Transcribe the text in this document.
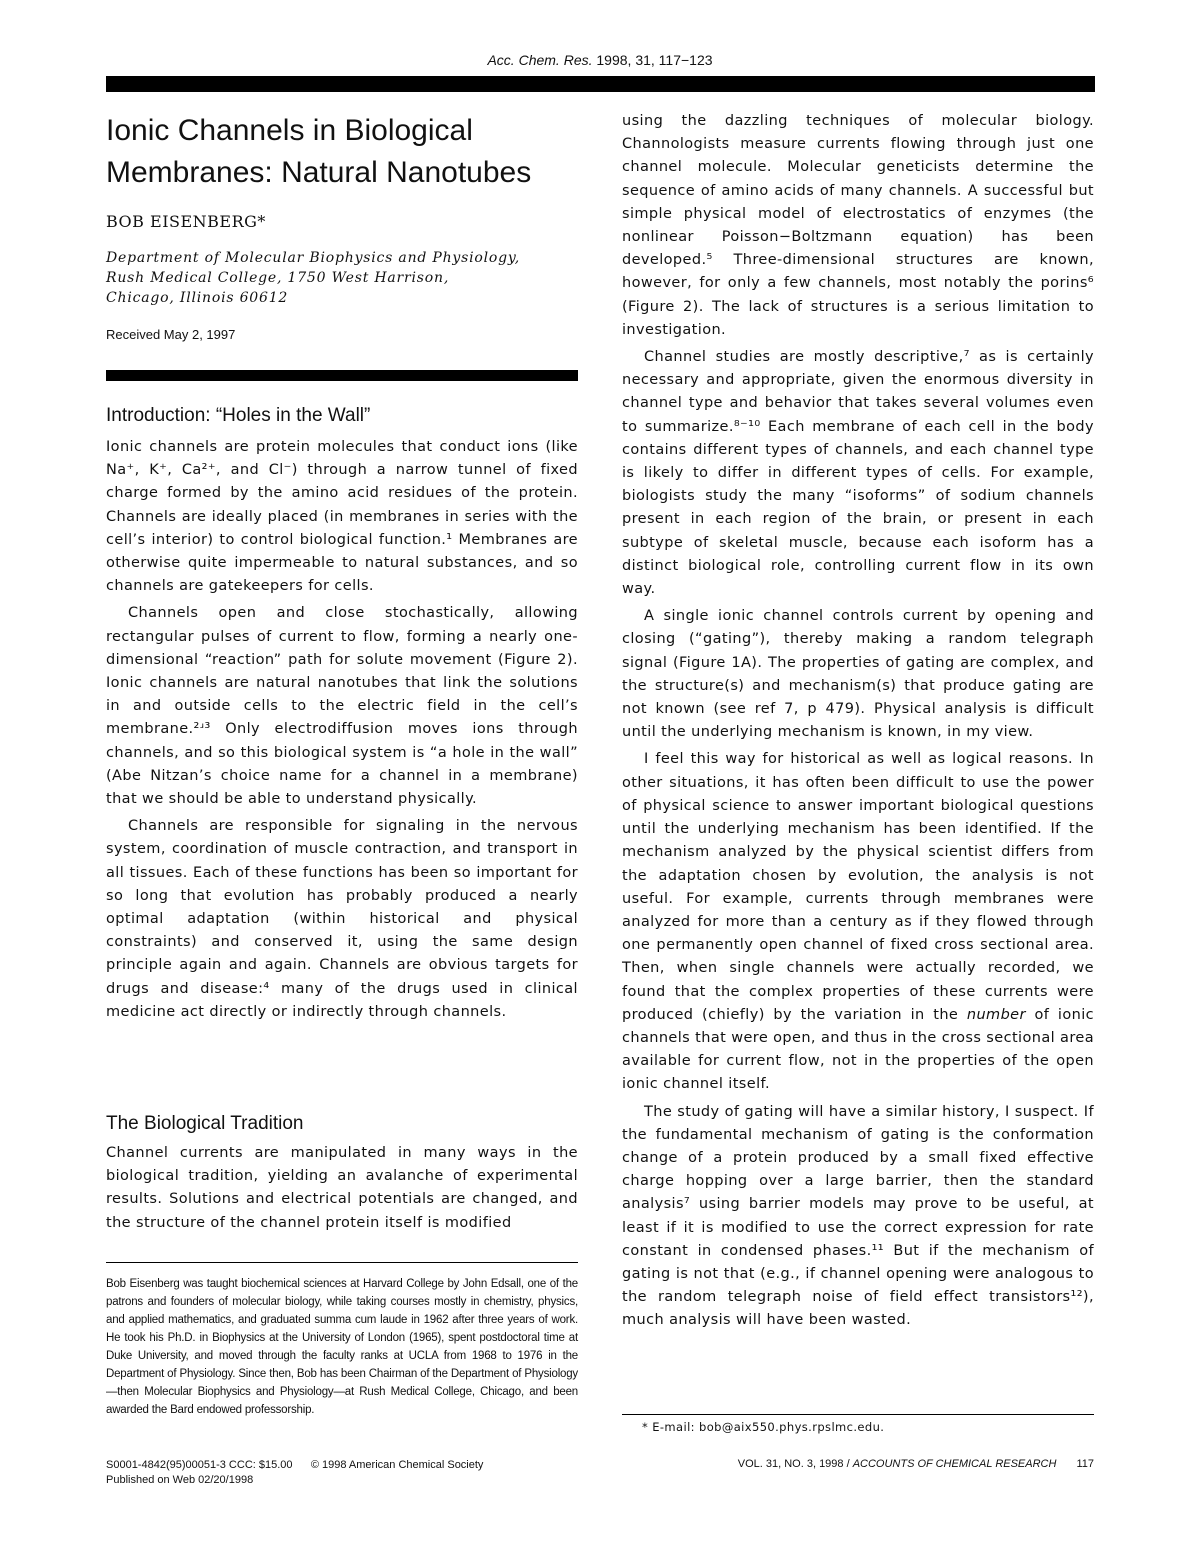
Acc. Chem. Res. 1998, 31, 117−123
Ionic Channels in Biological
Membranes: Natural Nanotubes
BOB EISENBERG*
Department of Molecular Biophysics and Physiology,
Rush Medical College, 1750 West Harrison,
Chicago, Illinois 60612
Received May 2, 1997
Introduction: “Holes in the Wall”

Ionic channels are protein molecules that conduct ions (like Na⁺, K⁺, Ca²⁺, and Cl⁻) through a narrow tunnel of fixed charge formed by the amino acid residues of the protein. Channels are ideally placed (in membranes in series with the cell’s interior) to control biological function.¹ Membranes are otherwise quite impermeable to natural substances, and so channels are gatekeepers for cells.

Channels open and close stochastically, allowing rectangular pulses of current to flow, forming a nearly one-dimensional “reaction” path for solute movement (Figure 2). Ionic channels are natural nanotubes that link the solutions in and outside cells to the electric field in the cell’s membrane.²ʴ³ Only electrodiffusion moves ions through channels, and so this biological system is “a hole in the wall” (Abe Nitzan’s choice name for a channel in a membrane) that we should be able to understand physically.

Channels are responsible for signaling in the nervous system, coordination of muscle contraction, and transport in all tissues. Each of these functions has been so important for so long that evolution has probably produced a nearly optimal adaptation (within historical and physical constraints) and conserved it, using the same design principle again and again. Channels are obvious targets for drugs and disease:⁴ many of the drugs used in clinical medicine act directly or indirectly through channels.

The Biological Tradition

Channel currents are manipulated in many ways in the biological tradition, yielding an avalanche of experimental results. Solutions and electrical potentials are changed, and the structure of the channel protein itself is modified

Bob Eisenberg was taught biochemical sciences at Harvard College by John Edsall, one of the patrons and founders of molecular biology, while taking courses mostly in chemistry, physics, and applied mathematics, and graduated summa cum laude in 1962 after three years of work. He took his Ph.D. in Biophysics at the University of London (1965), spent postdoctoral time at Duke University, and moved through the faculty ranks at UCLA from 1968 to 1976 in the Department of Physiology. Since then, Bob has been Chairman of the Department of Physiology—then Molecular Biophysics and Physiology—at Rush Medical College, Chicago, and been awarded the Bard endowed professorship.

using the dazzling techniques of molecular biology. Channologists measure currents flowing through just one channel molecule. Molecular geneticists determine the sequence of amino acids of many channels. A successful but simple physical model of electrostatics of enzymes (the nonlinear Poisson−Boltzmann equation) has been developed.⁵ Three-dimensional structures are known, however, for only a few channels, most notably the porins⁶ (Figure 2). The lack of structures is a serious limitation to investigation.

Channel studies are mostly descriptive,⁷ as is certainly necessary and appropriate, given the enormous diversity in channel type and behavior that takes several volumes even to summarize.⁸⁻¹⁰ Each membrane of each cell in the body contains different types of channels, and each channel type is likely to differ in different types of cells. For example, biologists study the many “isoforms” of sodium channels present in each region of the brain, or present in each subtype of skeletal muscle, because each isoform has a distinct biological role, controlling current flow in its own way.

A single ionic channel controls current by opening and closing (“gating”), thereby making a random telegraph signal (Figure 1A). The properties of gating are complex, and the structure(s) and mechanism(s) that produce gating are not known (see ref 7, p 479). Physical analysis is difficult until the underlying mechanism is known, in my view.

I feel this way for historical as well as logical reasons. In other situations, it has often been difficult to use the power of physical science to answer important biological questions until the underlying mechanism has been identified. If the mechanism analyzed by the physical scientist differs from the adaptation chosen by evolution, the analysis is not useful. For example, currents through membranes were analyzed for more than a century as if they flowed through one permanently open channel of fixed cross sectional area. Then, when single channels were actually recorded, we found that the complex properties of these currents were produced (chiefly) by the variation in the number of ionic channels that were open, and thus in the cross sectional area available for current flow, not in the properties of the open ionic channel itself.

The study of gating will have a similar history, I suspect. If the fundamental mechanism of gating is the conformation change of a protein produced by a small fixed effective charge hopping over a large barrier, then the standard analysis⁷ using barrier models may prove to be useful, at least if it is modified to use the correct expression for rate constant in condensed phases.¹¹ But if the mechanism of gating is not that (e.g., if channel opening were analogous to the random telegraph noise of field effect transistors¹²), much analysis will have been wasted.

* E-mail: bob@aix550.phys.rpslmc.edu.
S0001-4842(95)00051-3 CCC: $15.00      © 1998 American Chemical Society
Published on Web 02/20/1998
VOL. 31, NO. 3, 1998 / ACCOUNTS OF CHEMICAL RESEARCH 117
